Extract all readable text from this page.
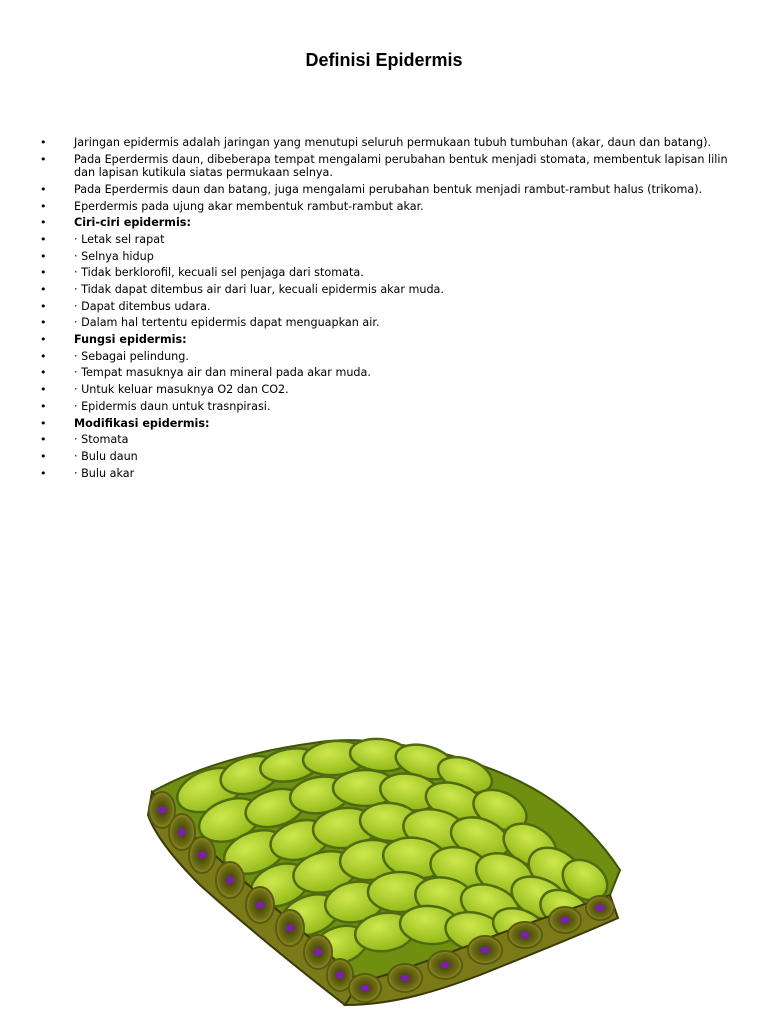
Definisi Epidermis
• Jaringan epidermis adalah jaringan yang menutupi seluruh permukaan tubuh tumbuhan (akar, daun dan batang).
• Pada Eperdermis daun, dibeberapa tempat mengalami perubahan bentuk menjadi stomata, membentuk lapisan lilin dan lapisan kutikula siatas permukaan selnya.
• Pada Eperdermis daun dan batang, juga mengalami perubahan bentuk menjadi rambut-rambut halus (trikoma).
• Eperdermis pada ujung akar membentuk rambut-rambut akar.
• Ciri-ciri epidermis:
• · Letak sel rapat
• · Selnya hidup
• · Tidak berklorofil, kecuali sel penjaga dari stomata.
• · Tidak dapat ditembus air dari luar, kecuali epidermis akar muda.
• · Dapat ditembus udara.
• · Dalam hal tertentu epidermis dapat menguapkan air.
• Fungsi epidermis:
• · Sebagai pelindung.
• · Tempat masuknya air dan mineral pada akar muda.
• · Untuk keluar masuknya O2 dan CO2.
• · Epidermis daun untuk trasnpirasi.
• Modifikasi epidermis:
• · Stomata
• · Bulu daun
• · Bulu akar
